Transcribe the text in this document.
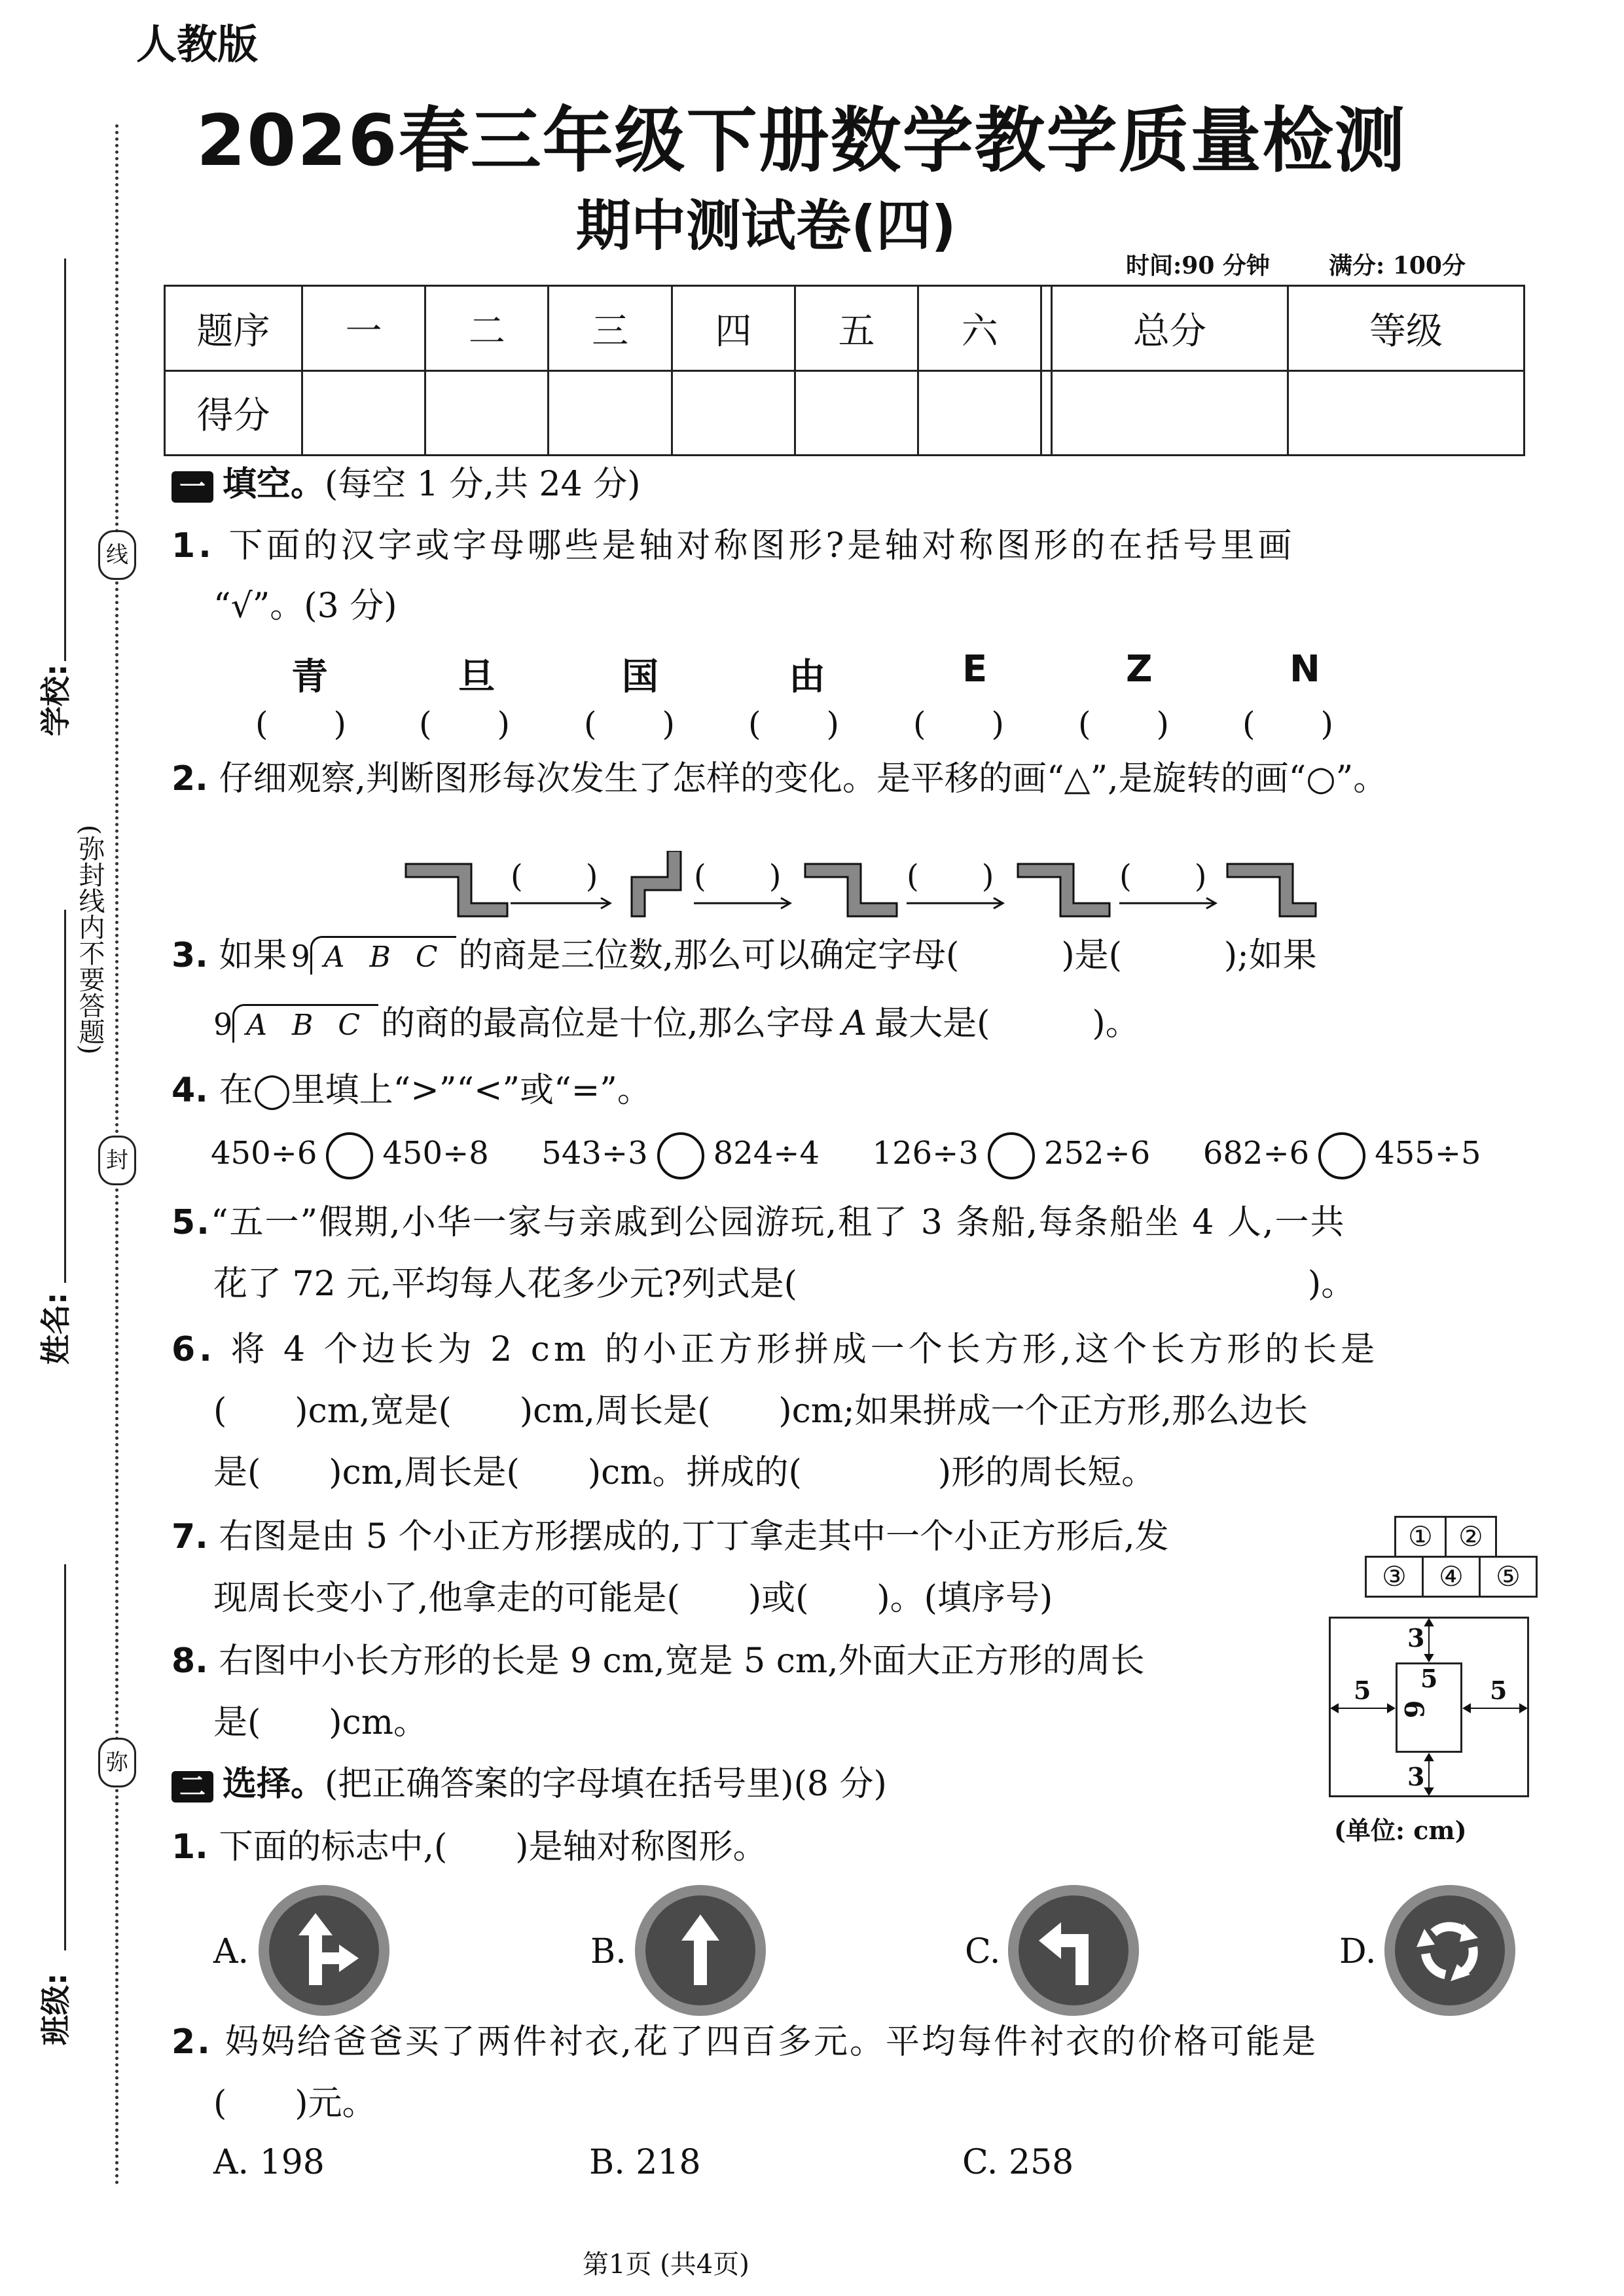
线
封
弥
(弥封线内不要答题)
学校:
姓名:
班级:
人教版
2026春三年级下册数学教学质量检测
期中测试卷(四)
时间:90 分钟	满分: 100分
题序	一	二	三	四	五	六		总分	等级
得分									
一 填空。(每空 1 分,共 24 分)
1. 下面的汉字或字母哪些是轴对称图形?是轴对称图形的在括号里画
“√”。(3 分)
青	旦	国	由	E	Z	N
(　　) (　　) (　　) (　　) (　　) (　　) (　　)
2. 仔细观察,判断图形每次发生了怎样的变化。是平移的画“△”,是旋转的画“○”。
(　　)	(　　)	(　　)	(　　)
3. 如果 9 A B C 的商是三位数,那么可以确定字母(　　　)是(　　　);如果
9 A B C 的商的最高位是十位,那么字母 A 最大是(　　　)。
4. 在◯里填上“>”“<”或“=”。
450÷6 450÷8 543÷3 824÷4 126÷3 252÷6 682÷6 455÷5
5.“五一”假期,小华一家与亲戚到公园游玩,租了 3 条船,每条船坐 4 人,一共
花了 72 元,平均每人花多少元?列式是(　　　　　　　　　　　　　　　)。
6. 将 4 个边长为 2 cm 的小正方形拼成一个长方形,这个长方形的长是
(　　)cm,宽是(　　)cm,周长是(　　)cm;如果拼成一个正方形,那么边长
是(　　)cm,周长是(　　)cm。拼成的(　　　　)形的周长短。
7. 右图是由 5 个小正方形摆成的,丁丁拿走其中一个小正方形后,发
现周长变小了,他拿走的可能是(　　)或(　　)。(填序号)
① ②
③	④	⑤
8. 右图中小长方形的长是 9 cm,宽是 5 cm,外面大正方形的周长
是(　　)cm。
3
3
5	5
5
9
(单位: cm)
二 选择。(把正确答案的字母填在括号里)(8 分)
1. 下面的标志中,(　　)是轴对称图形。
A.	B.	C.	D.
2. 妈妈给爸爸买了两件衬衣,花了四百多元。平均每件衬衣的价格可能是
(　　)元。
A. 198	B. 218	C. 258
第1页 (共4页)
